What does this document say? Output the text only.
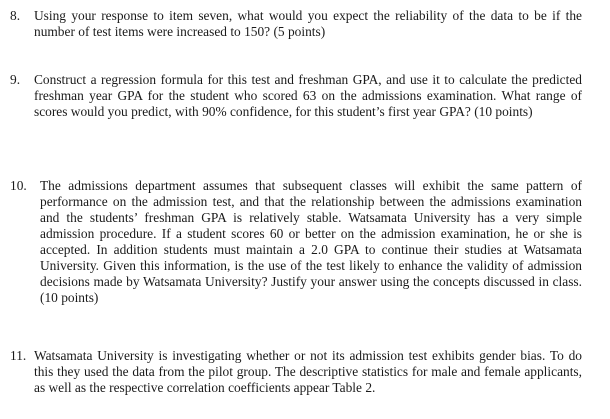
8. Using your response to item seven, what would you expect the reliability of the data to be if the number of test items were increased to 150? (5 points)
9. Construct a regression formula for this test and freshman GPA, and use it to calculate the predicted freshman year GPA for the student who scored 63 on the admissions examination. What range of scores would you predict, with 90% confidence, for this student’s first year GPA? (10 points)
10. The admissions department assumes that subsequent classes will exhibit the same pattern of performance on the admission test, and that the relationship between the admissions examination and the students’ freshman GPA is relatively stable. Watsamata University has a very simple admission procedure. If a student scores 60 or better on the admission examination, he or she is accepted. In addition students must maintain a 2.0 GPA to continue their studies at Watsamata University. Given this information, is the use of the test likely to enhance the validity of admission decisions made by Watsamata University? Justify your answer using the concepts discussed in class. (10 points)
11. Watsamata University is investigating whether or not its admission test exhibits gender bias. To do this they used the data from the pilot group. The descriptive statistics for male and female applicants, as well as the respective correlation coefficients appear Table 2.
